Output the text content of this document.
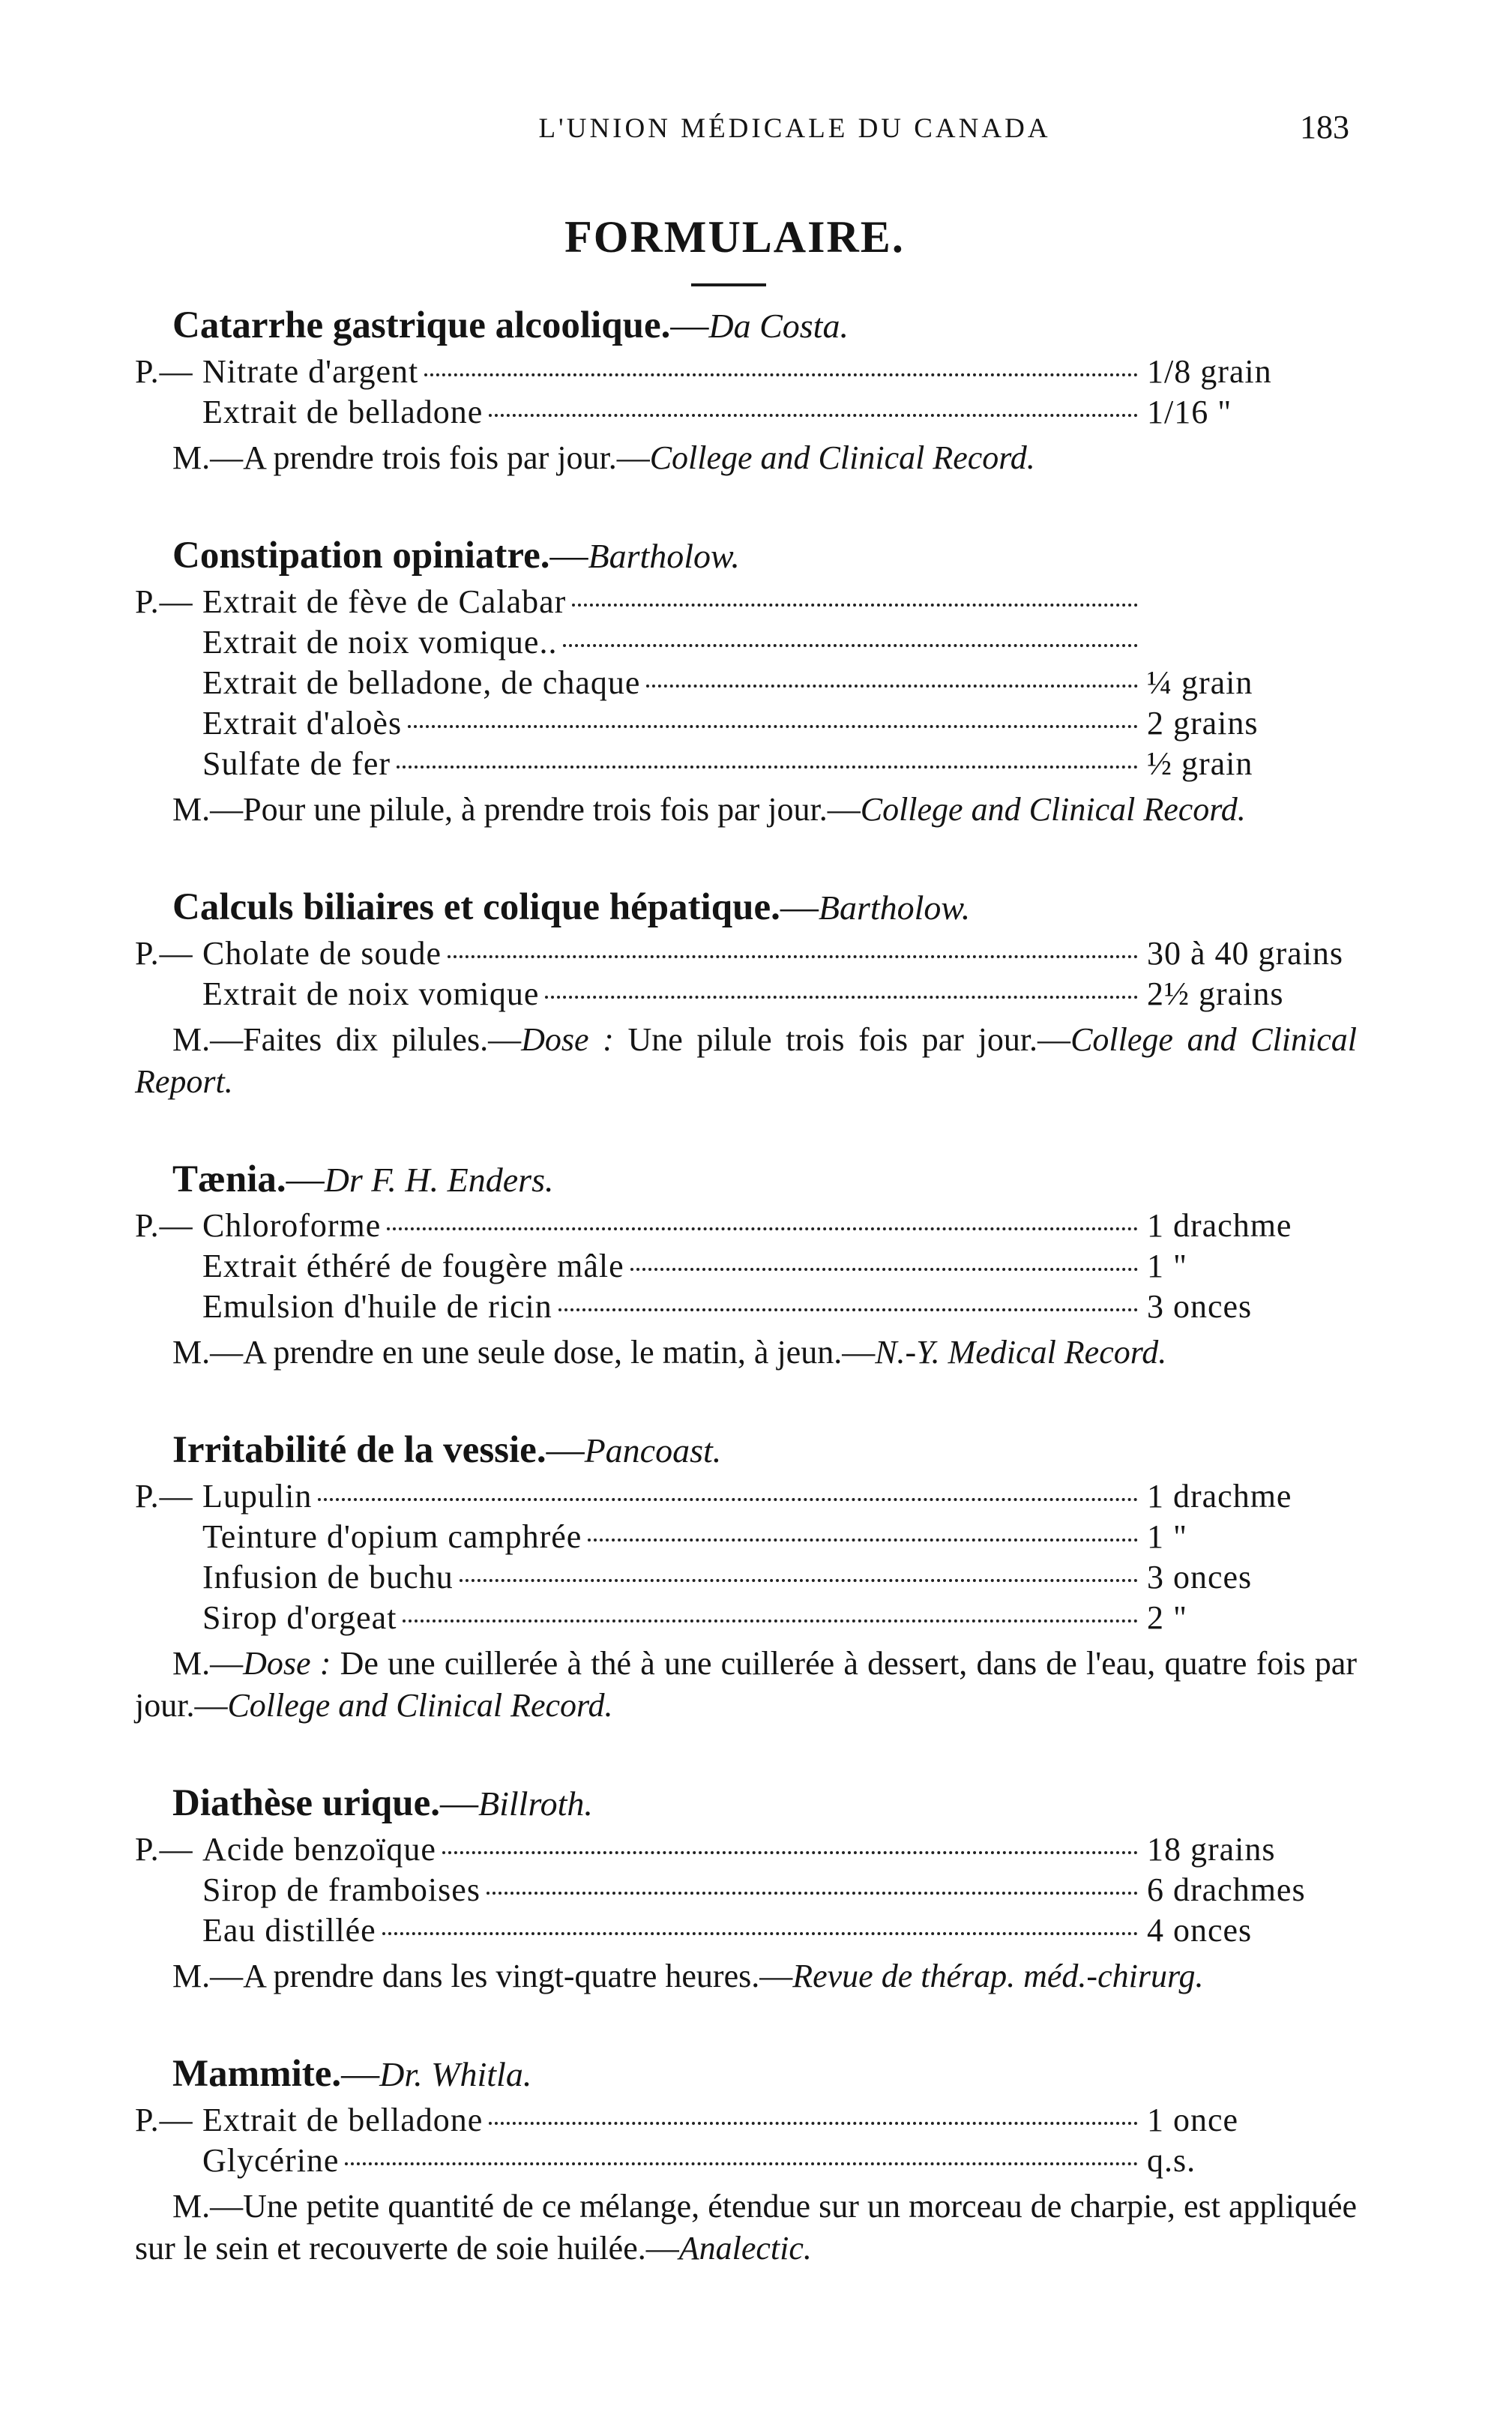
L'UNION MÉDICALE DU CANADA	183
FORMULAIRE.
Catarrhe gastrique alcoolique.—Da Costa.
P.— Nitrate d'argent	1/8 grain
Extrait de belladone	1/16 "
M.—A prendre trois fois par jour.—College and Clinical Record.
Constipation opiniatre.—Bartholow.
P.— Extrait de fève de Calabar
Extrait de noix vomique..
Extrait de belladone, de chaque	¼ grain
Extrait d'aloès	2 grains
Sulfate de fer	½ grain
M.—Pour une pilule, à prendre trois fois par jour.—College and Clinical Record.
Calculs biliaires et colique hépatique.—Bartholow.
P.— Cholate de soude	30 à 40 grains
Extrait de noix vomique	2½ grains
M.—Faites dix pilules.—Dose : Une pilule trois fois par jour.—College and Clinical Report.
Tænia.—Dr F. H. Enders.
P.— Chloroforme	1 drachme
Extrait éthéré de fougère mâle	1 "
Emulsion d'huile de ricin	3 onces
M.—A prendre en une seule dose, le matin, à jeun.—N.-Y. Medical Record.
Irritabilité de la vessie.—Pancoast.
P.— Lupulin	1 drachme
Teinture d'opium camphrée	1 "
Infusion de buchu	3 onces
Sirop d'orgeat	2 "
M.—Dose : De une cuillerée à thé à une cuillerée à dessert, dans de l'eau, quatre fois par jour.—College and Clinical Record.
Diathèse urique.—Billroth.
P.— Acide benzoïque	18 grains
Sirop de framboises	6 drachmes
Eau distillée	4 onces
M.—A prendre dans les vingt-quatre heures.—Revue de thérap. méd.-chirurg.
Mammite.—Dr. Whitla.
P.— Extrait de belladone	1 once
Glycérine	q.s.
M.—Une petite quantité de ce mélange, étendue sur un morceau de charpie, est appliquée sur le sein et recouverte de soie huilée.—Analectic.
